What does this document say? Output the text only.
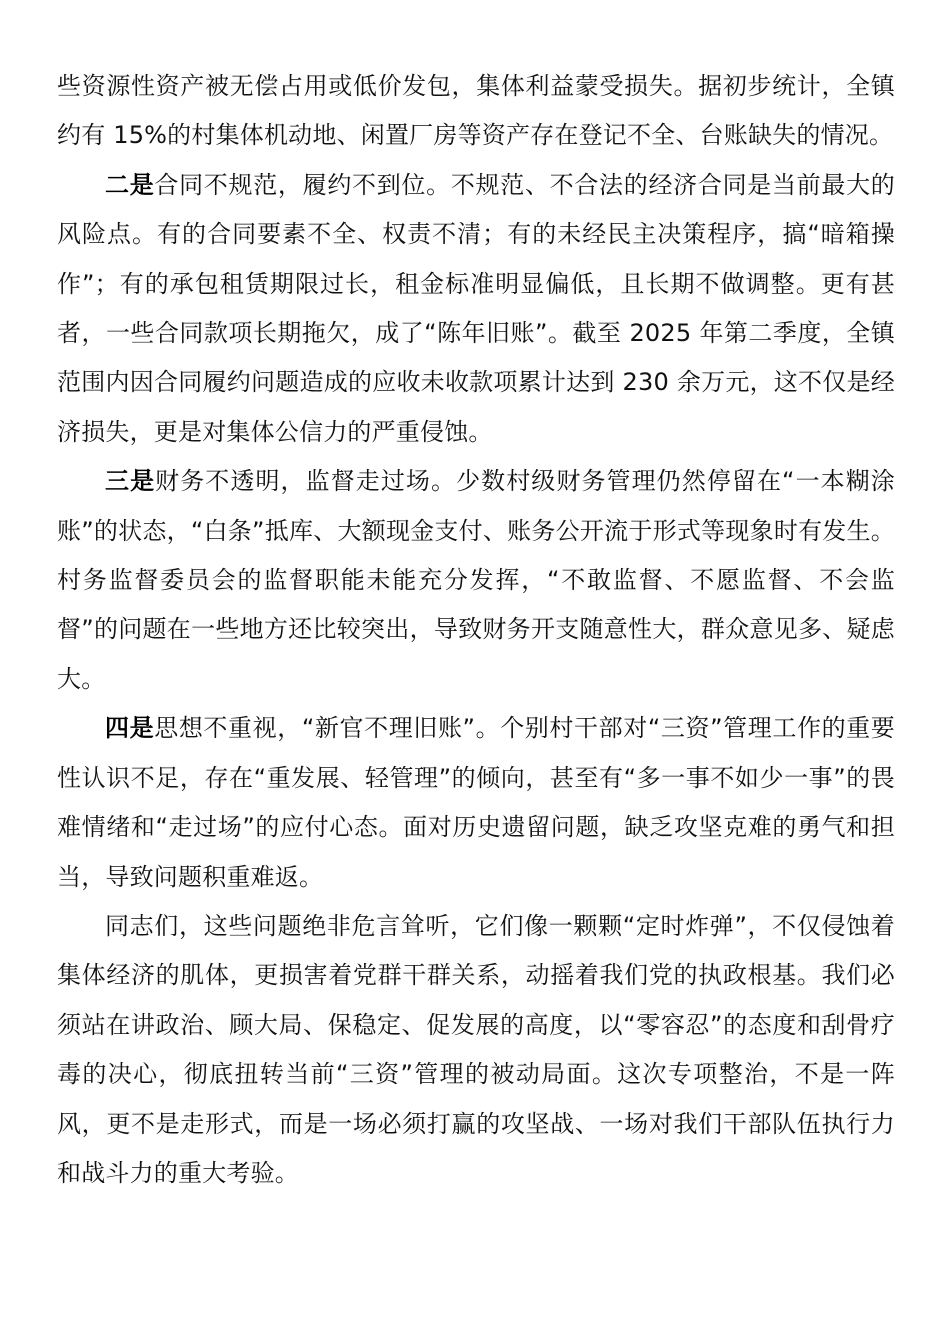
些资源性资产被无偿占用或低价发包，集体利益蒙受损失。据初步统计，全镇约有 15%的村集体机动地、闲置厂房等资产存在登记不全、台账缺失的情况。

二是合同不规范，履约不到位。不规范、不合法的经济合同是当前最大的风险点。有的合同要素不全、权责不清；有的未经民主决策程序，搞“暗箱操作”；有的承包租赁期限过长，租金标准明显偏低，且长期不做调整。更有甚者，一些合同款项长期拖欠，成了“陈年旧账”。截至 2025 年第二季度，全镇范围内因合同履约问题造成的应收未收款项累计达到 230 余万元，这不仅是经济损失，更是对集体公信力的严重侵蚀。

三是财务不透明，监督走过场。少数村级财务管理仍然停留在“一本糊涂账”的状态，“白条”抵库、大额现金支付、账务公开流于形式等现象时有发生。村务监督委员会的监督职能未能充分发挥，“不敢监督、不愿监督、不会监督”的问题在一些地方还比较突出，导致财务开支随意性大，群众意见多、疑虑大。

四是思想不重视，“新官不理旧账”。个别村干部对“三资”管理工作的重要性认识不足，存在“重发展、轻管理”的倾向，甚至有“多一事不如少一事”的畏难情绪和“走过场”的应付心态。面对历史遗留问题，缺乏攻坚克难的勇气和担当，导致问题积重难返。

同志们，这些问题绝非危言耸听，它们像一颗颗“定时炸弹”，不仅侵蚀着集体经济的肌体，更损害着党群干群关系，动摇着我们党的执政根基。我们必须站在讲政治、顾大局、保稳定、促发展的高度，以“零容忍”的态度和刮骨疗毒的决心，彻底扭转当前“三资”管理的被动局面。这次专项整治，不是一阵风，更不是走形式，而是一场必须打赢的攻坚战、一场对我们干部队伍执行力和战斗力的重大考验。
